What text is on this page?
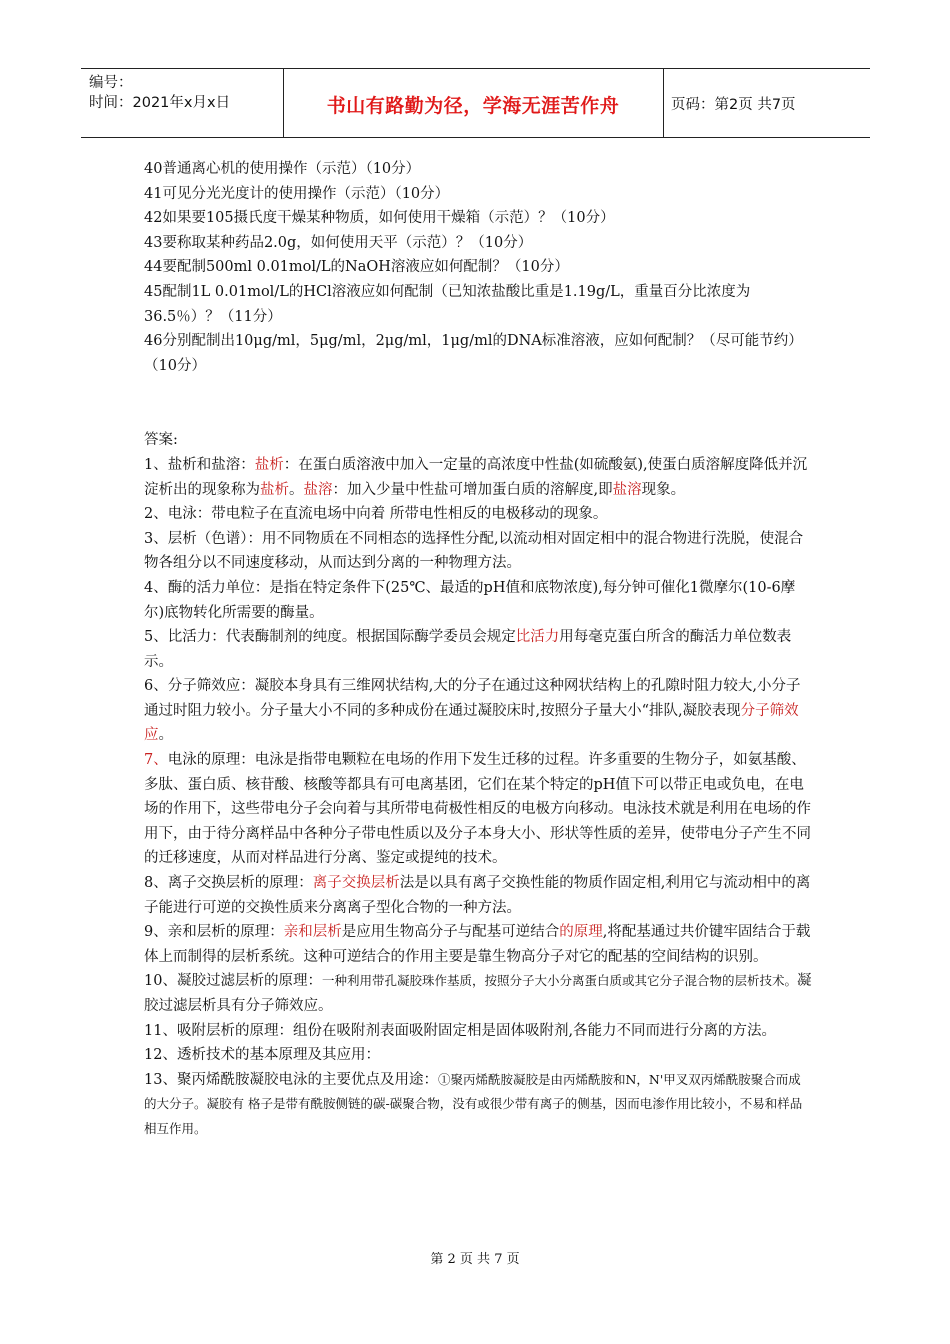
编号：
时间：2021年x月x日	书山有路勤为径，学海无涯苦作舟	页码：第2页 共7页

40普通离心机的使用操作（示范）（10分）

41可见分光光度计的使用操作（示范）（10分）

42如果要105摄氏度干燥某种物质，如何使用干燥箱（示范）？（10分）

43要称取某种药品2.0g，如何使用天平（示范）？（10分）

44要配制500ml 0.01mol/L的NaOH溶液应如何配制？（10分）

45配制1L 0.01mol/L的HCl溶液应如何配制（已知浓盐酸比重是1.19g/L，重量百分比浓度为36.5％）？（11分）

46分别配制出10μg/ml，5μg/ml，2μg/ml，1μg/ml的DNA标准溶液，应如何配制？（尽可能节约）（10分）

答案:

1、盐析和盐溶：盐析：在蛋白质溶液中加入一定量的高浓度中性盐(如硫酸氨),使蛋白质溶解度降低并沉淀析出的现象称为盐析。盐溶：加入少量中性盐可增加蛋白质的溶解度,即盐溶现象。

2、电泳：带电粒子在直流电场中向着 所带电性相反的电极移动的现象。

3、层析（色谱）：用不同物质在不同相态的选择性分配,以流动相对固定相中的混合物进行洗脱，使混合物各组分以不同速度移动，从而达到分离的一种物理方法。

4、酶的活力单位：是指在特定条件下(25℃、最适的pH值和底物浓度),每分钟可催化1微摩尔(10-6摩尔)底物转化所需要的酶量。

5、比活力：代表酶制剂的纯度。根据国际酶学委员会规定比活力用每毫克蛋白所含的酶活力单位数表示。

6、分子筛效应：凝胶本身具有三维网状结构,大的分子在通过这种网状结构上的孔隙时阻力较大,小分子通过时阻力较小。分子量大小不同的多种成份在通过凝胶床时,按照分子量大小“排队,凝胶表现分子筛效应。

7、电泳的原理：电泳是指带电颗粒在电场的作用下发生迁移的过程。许多重要的生物分子，如氨基酸、多肽、蛋白质、核苷酸、核酸等都具有可电离基团，它们在某个特定的pH值下可以带正电或负电，在电场的作用下，这些带电分子会向着与其所带电荷极性相反的电极方向移动。电泳技术就是利用在电场的作用下，由于待分离样品中各种分子带电性质以及分子本身大小、形状等性质的差异，使带电分子产生不同的迁移速度，从而对样品进行分离、鉴定或提纯的技术。

8、离子交换层析的原理：离子交换层析法是以具有离子交换性能的物质作固定相,利用它与流动相中的离子能进行可逆的交换性质来分离离子型化合物的一种方法。

9、亲和层析的原理：亲和层析是应用生物高分子与配基可逆结合的原理,将配基通过共价键牢固结合于载体上而制得的层析系统。这种可逆结合的作用主要是靠生物高分子对它的配基的空间结构的识别。

10、凝胶过滤层析的原理：一种利用带孔凝胶珠作基质，按照分子大小分离蛋白质或其它分子混合物的层析技术。凝胶过滤层析具有分子筛效应。

11、吸附层析的原理：组份在吸附剂表面吸附固定相是固体吸附剂,各能力不同而进行分离的方法。

12、透析技术的基本原理及其应用：

13、聚丙烯酰胺凝胶电泳的主要优点及用途：①聚丙烯酰胺凝胶是由丙烯酰胺和N，N'甲叉双丙烯酰胺聚合而成的大分子。凝胶有 格子是带有酰胺侧链的碳-碳聚合物，没有或很少带有离子的侧基，因而电渗作用比较小，不易和样品相互作用。

第 2 页 共 7 页
